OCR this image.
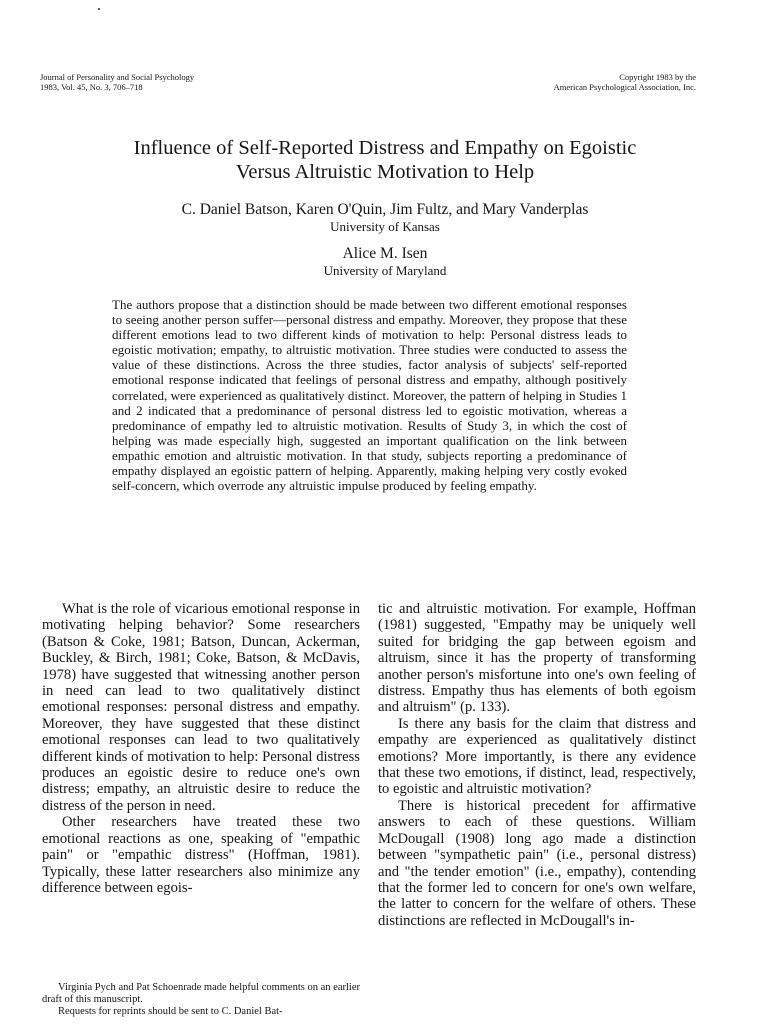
Journal of Personality and Social Psychology
1983, Vol. 45, No. 3, 706–718
Copyright 1983 by the
American Psychological Association, Inc.
Influence of Self-Reported Distress and Empathy on Egoistic
Versus Altruistic Motivation to Help
C. Daniel Batson, Karen O'Quin, Jim Fultz, and Mary Vanderplas
University of Kansas
Alice M. Isen
University of Maryland
The authors propose that a distinction should be made between two different emotional responses to seeing another person suffer—personal distress and empathy. Moreover, they propose that these different emotions lead to two different kinds of motivation to help: Personal distress leads to egoistic motivation; empathy, to altruistic motivation. Three studies were conducted to assess the value of these distinctions. Across the three studies, factor analysis of subjects' self-reported emotional response indicated that feelings of personal distress and empathy, although positively correlated, were experienced as qualitatively distinct. Moreover, the pattern of helping in Studies 1 and 2 indicated that a predominance of personal distress led to egoistic motivation, whereas a predominance of empathy led to altruistic motivation. Results of Study 3, in which the cost of helping was made especially high, suggested an important qualification on the link between empathic emotion and altruistic motivation. In that study, subjects reporting a predominance of empathy displayed an egoistic pattern of helping. Apparently, making helping very costly evoked self-concern, which overrode any altruistic impulse produced by feeling empathy.

What is the role of vicarious emotional response in motivating helping behavior? Some researchers (Batson & Coke, 1981; Batson, Duncan, Ackerman, Buckley, & Birch, 1981; Coke, Batson, & McDavis, 1978) have suggested that witnessing another person in need can lead to two qualitatively distinct emotional responses: personal distress and empathy. Moreover, they have suggested that these distinct emotional responses can lead to two qualitatively different kinds of motivation to help: Personal distress produces an egoistic desire to reduce one's own distress; empathy, an altruistic desire to reduce the distress of the person in need.

Other researchers have treated these two emotional reactions as one, speaking of "empathic pain" or "empathic distress" (Hoffman, 1981). Typically, these latter researchers also minimize any difference between egois-

tic and altruistic motivation. For example, Hoffman (1981) suggested, "Empathy may be uniquely well suited for bridging the gap between egoism and altruism, since it has the property of transforming another person's misfortune into one's own feeling of distress. Empathy thus has elements of both egoism and altruism" (p. 133).

Is there any basis for the claim that distress and empathy are experienced as qualitatively distinct emotions? More importantly, is there any evidence that these two emotions, if distinct, lead, respectively, to egoistic and altruistic motivation?

There is historical precedent for affirmative answers to each of these questions. William McDougall (1908) long ago made a distinction between "sympathetic pain" (i.e., personal distress) and "the tender emotion" (i.e., empathy), contending that the former led to concern for one's own welfare, the latter to concern for the welfare of others. These distinctions are reflected in McDougall's in-

Virginia Pych and Pat Schoenrade made helpful comments on an earlier draft of this manuscript.

Requests for reprints should be sent to C. Daniel Bat-
